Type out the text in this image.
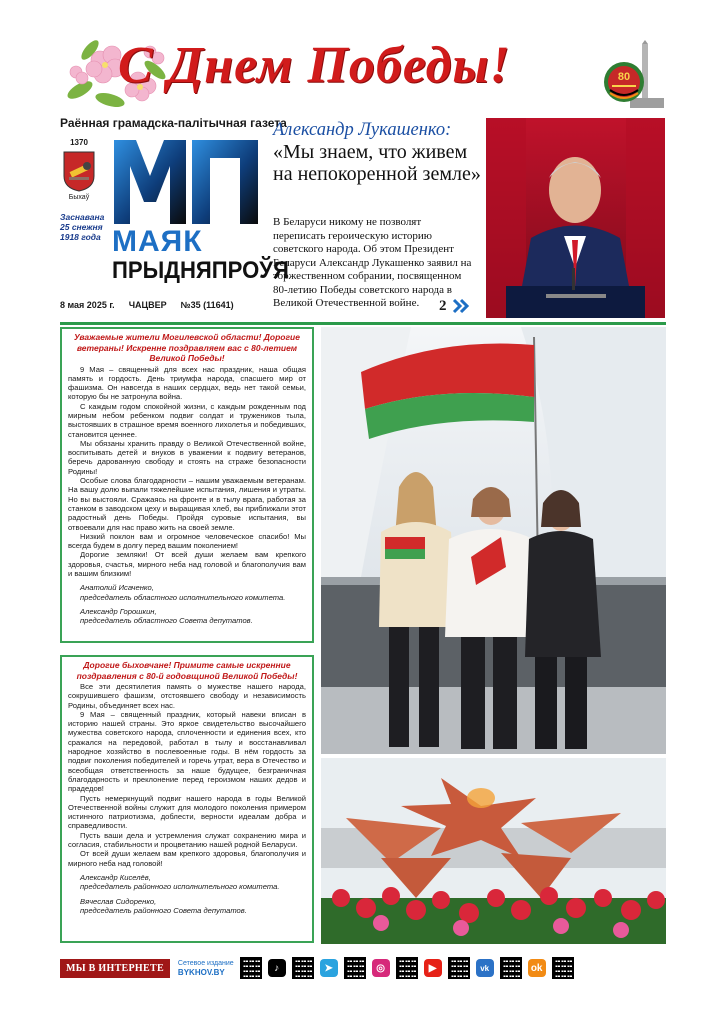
С Днем Победы!	80
Раённая грамадска-палітычная газета
1370
Быхаў
Заснавана 25 снежня 1918 года МАЯК
ПРЫДНЯПРОЎЯ
8 мая 2025 г. ЧАЦВЕР №35 (11641)
Александр Лукашенко:
«Мы знаем, что живем на непокоренной земле»
В Беларуси никому не позволят переписать героическую историю советского народа. Об этом Президент Беларуси Александр Лукашенко заявил на торжественном собрании, посвященном 80-летию Победы советского народа в Великой Отечественной войне.	2
Уважаемые жители Могилевской области! Дорогие ветераны! Искренне поздравляем вас с 80-летием Великой Победы!

9 Мая – священный для всех нас праздник, наша общая память и гордость. День триумфа народа, спасшего мир от фашизма. Он навсегда в наших сердцах, ведь нет такой семьи, которую бы не затронула война.

С каждым годом спокойной жизни, с каждым рожденным под мирным небом ребенком подвиг солдат и тружеников тыла, выстоявших в страшное время военного лихолетья и победивших, становится ценнее.

Мы обязаны хранить правду о Великой Отечественной войне, воспитывать детей и внуков в уважении к подвигу ветеранов, беречь дарованную свободу и стоять на страже безопасности Родины!

Особые слова благодарности – нашим уважаемым ветеранам. На вашу долю выпали тяжелейшие испытания, лишения и утраты. Но вы выстояли. Сражаясь на фронте и в тылу врага, работая за станком в заводском цеху и выращивая хлеб, вы приближали этот радостный день Победы. Пройдя суровые испытания, вы отвоевали для нас право жить на своей земле.

Низкий поклон вам и огромное человеческое спасибо! Мы всегда будем в долгу перед вашим поколением!

Дорогие земляки! От всей души желаем вам крепкого здоровья, счастья, мирного неба над головой и благополучия вам и вашим близким!

Анатолий Исаченко,
председатель областного исполнительного комитета.
Александр Горошкин,
председатель областного Совета депутатов.
Дорогие быховчане! Примите самые искренние поздравления с 80-й годовщиной Великой Победы!

Все эти десятилетия память о мужестве нашего народа, сокрушившего фашизм, отстоявшего свободу и независимость Родины, объединяет всех нас.

9 Мая – священный праздник, который навеки вписан в историю нашей страны. Это яркое свидетельство высочайшего мужества советского народа, сплоченности и единения всех, кто сражался на передовой, работал в тылу и восстанавливал народное хозяйство в послевоенные годы. В нём гордость за подвиг поколения победителей и горечь утрат, вера в Отечество и всеобщая ответственность за наше будущее, безграничная благодарность и преклонение перед героизмом наших дедов и прадедов!

Пусть немеркнущий подвиг нашего народа в годы Великой Отечественной войны служит для молодого поколения примером истинного патриотизма, доблести, верности идеалам добра и справедливости.

Пусть ваши дела и устремления служат сохранению мира и согласия, стабильности и процветанию нашей родной Беларуси.

От всей души желаем вам крепкого здоровья, благополучия и мирного неба над головой!

Александр Киселёв,
председатель районного исполнительного комитета.
Вячеслав Сидоренко,
председатель районного Совета депутатов.
МЫ В ИНТЕРНЕТЕ	Сетевое издание
BYKHOV.BY	♪	➤	◎	▶	vk	ok
